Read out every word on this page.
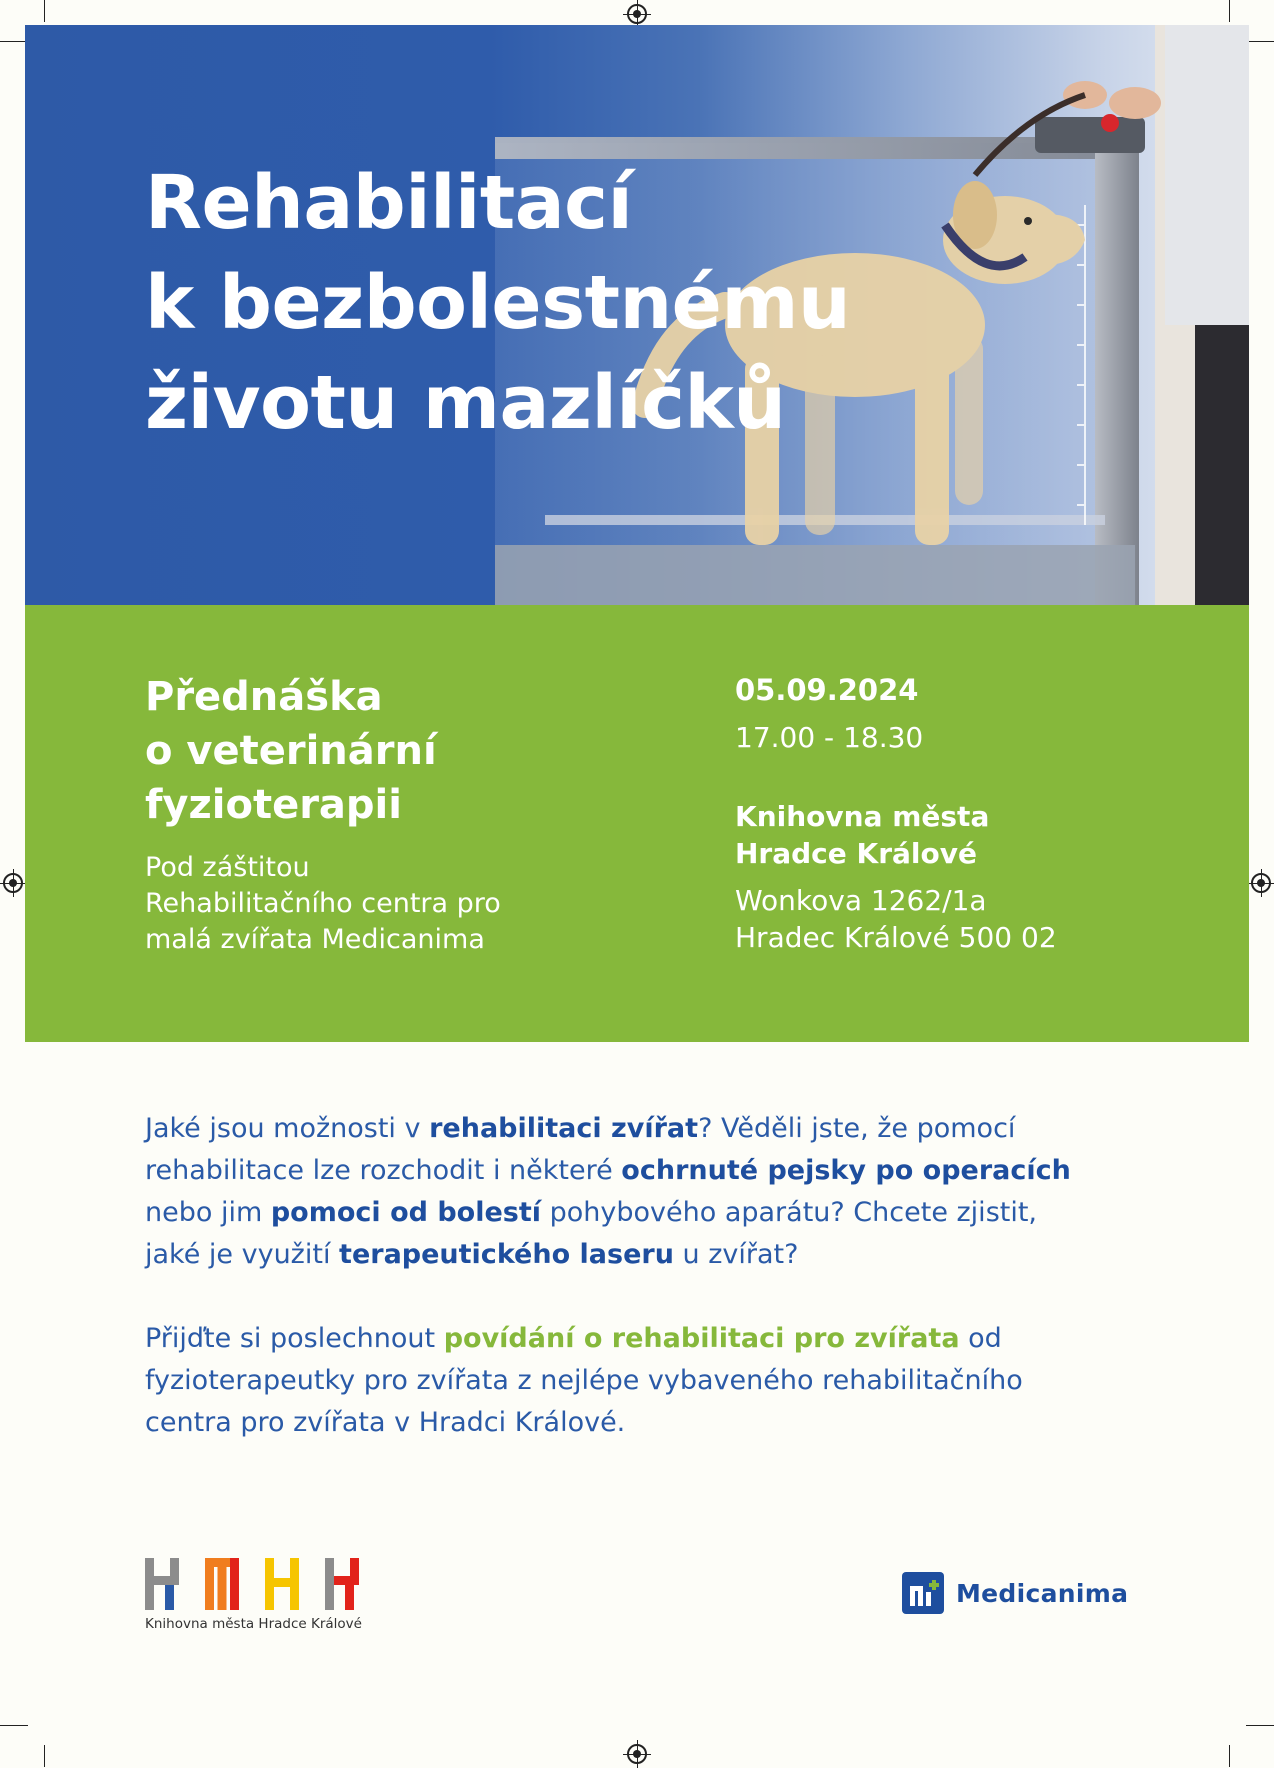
Rehabilitací
k bezbolestnému
životu mazlíčků
Přednáška
o veterinární
fyzioterapii
Pod záštitou
Rehabilitačního centra pro
malá zvířata Medicanima
05.09.2024
17.00 - 18.30
Knihovna města
Hradce Králové
Wonkova 1262/1a
Hradec Králové 500 02

Jaké jsou možnosti v rehabilitaci zvířat? Věděli jste, že pomocí
rehabilitace lze rozchodit i některé ochrnuté pejsky po operacích
nebo jim pomoci od bolestí pohybového aparátu? Chcete zjistit,
jaké je využití terapeutického laseru u zvířat?

Přijďte si poslechnout povídání o rehabilitaci pro zvířata od
fyzioterapeutky pro zvířata z nejlépe vybaveného rehabilitačního
centra pro zvířata v Hradci Králové.

Knihovna města Hradce Králové
Medicanima
